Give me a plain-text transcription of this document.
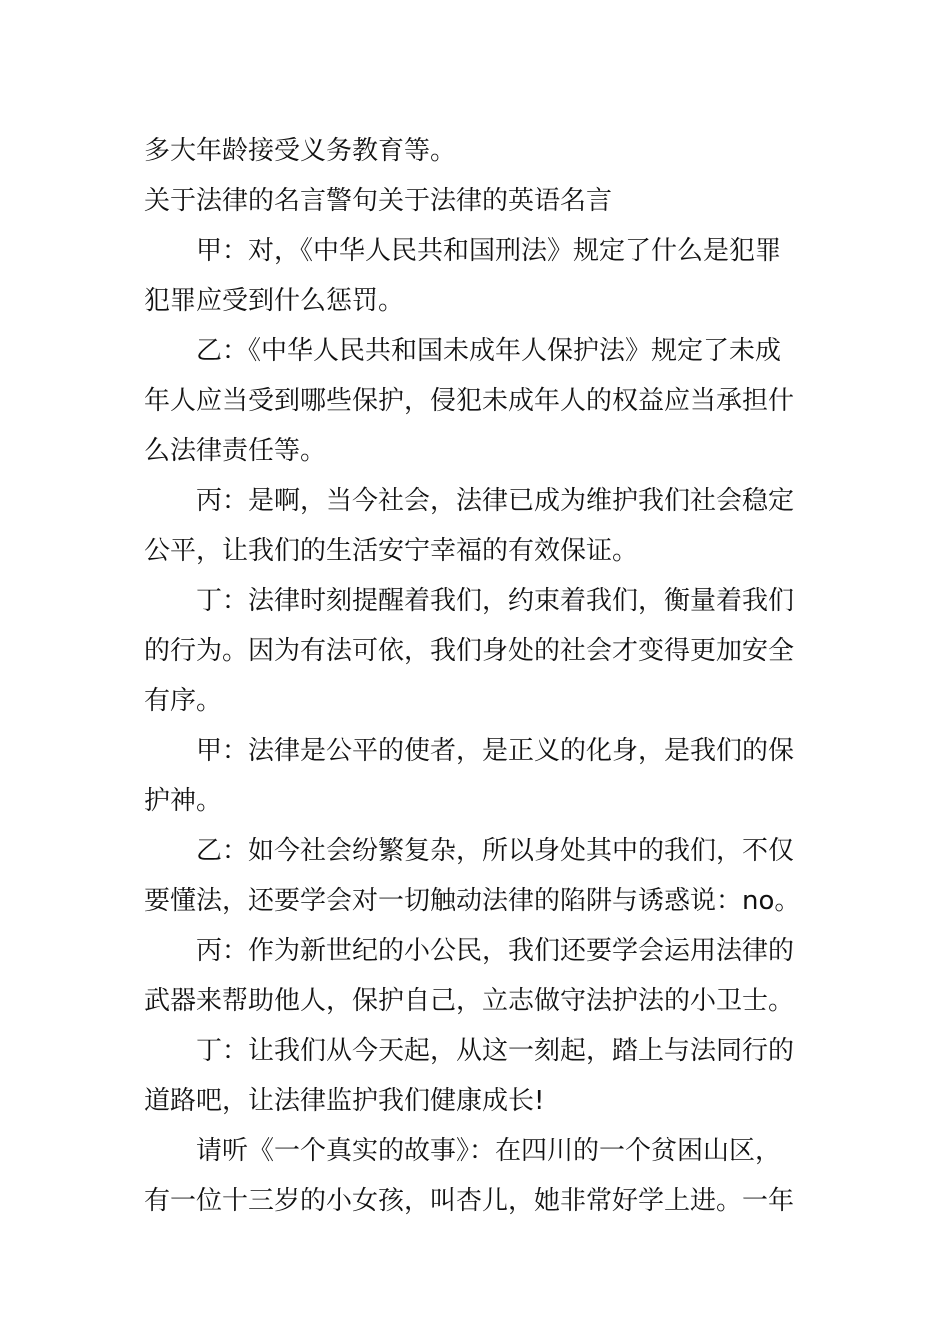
多大年龄接受义务教育等。
关于法律的名言警句关于法律的英语名言
甲：对，《中华人民共和国刑法》规定了什么是犯罪
犯罪应受到什么惩罚。
乙：《中华人民共和国未成年人保护法》规定了未成
年人应当受到哪些保护，侵犯未成年人的权益应当承担什
么法律责任等。
丙：是啊，当今社会，法律已成为维护我们社会稳定
公平，让我们的生活安宁幸福的有效保证。
丁：法律时刻提醒着我们，约束着我们，衡量着我们
的行为。因为有法可依，我们身处的社会才变得更加安全
有序。
甲：法律是公平的使者，是正义的化身，是我们的保
护神。
乙：如今社会纷繁复杂，所以身处其中的我们，不仅
要懂法，还要学会对一切触动法律的陷阱与诱惑说：no。
丙：作为新世纪的小公民，我们还要学会运用法律的
武器来帮助他人，保护自己，立志做守法护法的小卫士。
丁：让我们从今天起，从这一刻起，踏上与法同行的
道路吧，让法律监护我们健康成长!
请听《一个真实的故事》：在四川的一个贫困山区，
有一位十三岁的小女孩，叫杏儿，她非常好学上进。一年
